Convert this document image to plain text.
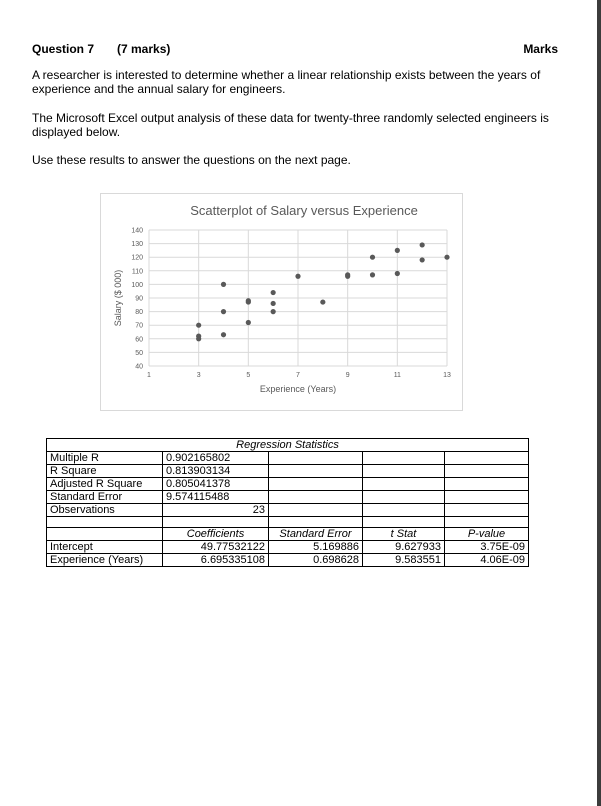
Question 7 (7 marks)	Marks
A researcher is interested to determine whether a linear relationship exists between the years of experience and the annual salary for engineers.
The Microsoft Excel output analysis of these data for twenty-three randomly selected engineers is displayed below.
Use these results to answer the questions on the next page.
Scatterplot of Salary versus Experience
40
50
60
70
80
90
100
110
120
130
140
1	3	5	7	9	11	13
Experience (Years)
Salary ($ 000)
Regression Statistics				
Multiple R	0.902165802			
R Square	0.813903134			
Adjusted R Square	0.805041378			
Standard Error	9.574115488			
Observations	23			

	Coefficients	Standard Error	t Stat	P-value
Intercept	49.77532122	5.169886	9.627933	3.75E-09
Experience (Years)	6.695335108	0.698628	9.583551	4.06E-09
